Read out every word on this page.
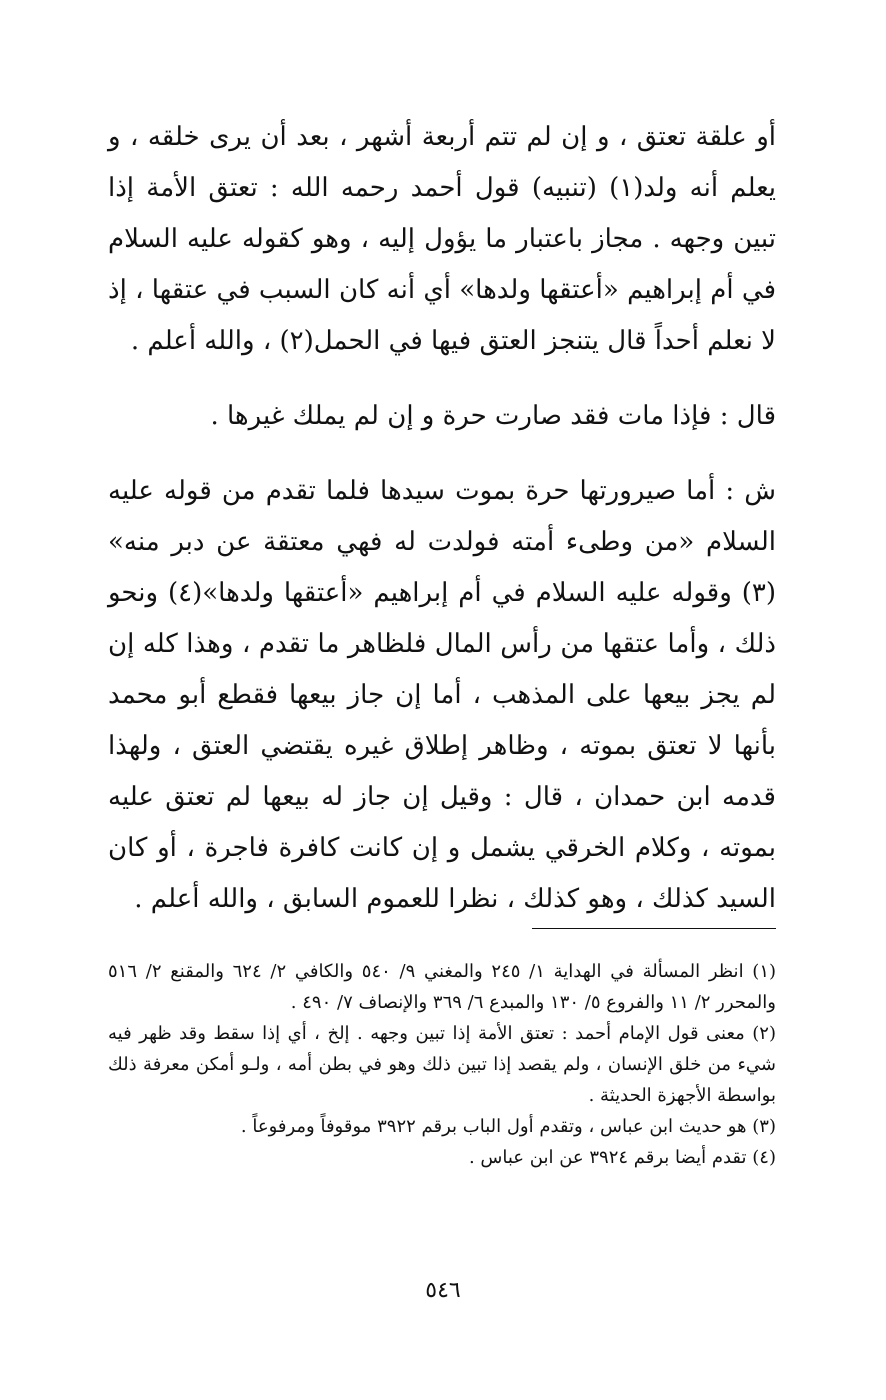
أو علقة تعتق ، و إن لم تتم أربعة أشهر ، بعد أن يرى خلقه ، و يعلم أنه ولد(١) (تنبيه) قول أحمد رحمه الله : تعتق الأمة إذا تبين وجهه . مجاز باعتبار ما يؤول إليه ، وهو كقوله عليه السلام في أم إبراهيم «أعتقها ولدها» أي أنه كان السبب في عتقها ، إذ لا نعلم أحداً قال يتنجز العتق فيها في الحمل(٢) ، والله أعلم .

قال : فإذا مات فقد صارت حرة و إن لم يملك غيرها .

ش : أما صيرورتها حرة بموت سيدها فلما تقدم من قوله عليه السلام «من وطىء أمته فولدت له فهي معتقة عن دبر منه» (٣) وقوله عليه السلام في أم إبراهيم «أعتقها ولدها»(٤) ونحو ذلك ، وأما عتقها من رأس المال فلظاهر ما تقدم ، وهذا كله إن لم يجز بيعها على المذهب ، أما إن جاز بيعها فقطع أبو محمد بأنها لا تعتق بموته ، وظاهر إطلاق غيره يقتضي العتق ، ولهذا قدمه ابن حمدان ، قال : وقيل إن جاز له بيعها لم تعتق عليه بموته ، وكلام الخرقي يشمل و إن كانت كافرة فاجرة ، أو كان السيد كذلك ، وهو كذلك ، نظرا للعموم السابق ، والله أعلم .

(١) انظر المسألة في الهداية ١/ ٢٤٥ والمغني ٩/ ٥٤٠ والكافي ٢/ ٦٢٤ والمقنع ٢/ ٥١٦ والمحرر ٢/ ١١ والفروع ٥/ ١٣٠ والمبدع ٦/ ٣٦٩ والإنصاف ٧/ ٤٩٠ .

(٢) معنى قول الإمام أحمد : تعتق الأمة إذا تبين وجهه . إلخ ، أي إذا سقط وقد ظهر فيه شيء من خلق الإنسان ، ولم يقصد إذا تبين ذلك وهو في بطن أمه ، ولـو أمكن معرفة ذلك بواسطة الأجهزة الحديثة .

(٣) هو حديث ابن عباس ، وتقدم أول الباب برقم ٣٩٢٢ موقوفاً ومرفوعاً .

(٤) تقدم أيضا برقم ٣٩٢٤ عن ابن عباس .

٥٤٦
